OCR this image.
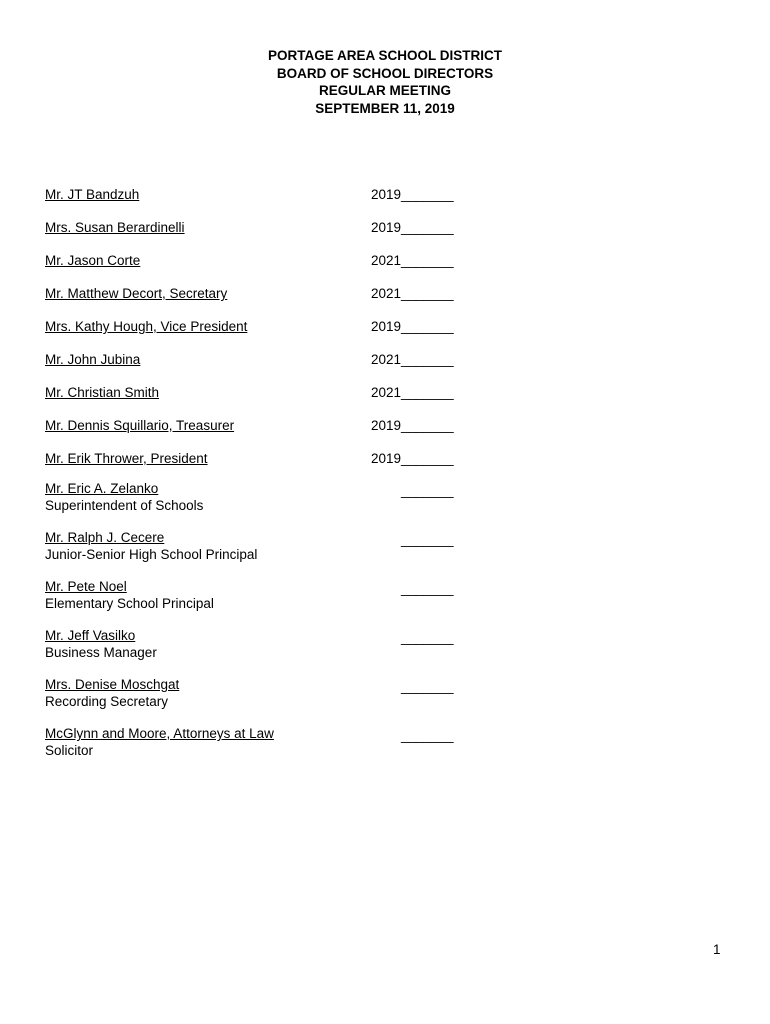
PORTAGE AREA SCHOOL DISTRICT
BOARD OF SCHOOL DIRECTORS
REGULAR MEETING
SEPTEMBER 11, 2019
Mr. JT Bandzuh	2019_______
Mrs. Susan Berardinelli	2019_______
Mr. Jason Corte	2021_______
Mr. Matthew Decort, Secretary	2021_______
Mrs. Kathy Hough, Vice President	2019_______
Mr. John Jubina	2021_______
Mr. Christian Smith	2021_______
Mr. Dennis Squillario, Treasurer	2019_______
Mr. Erik Thrower, President	2019_______
Mr. Eric A. Zelanko
Superintendent of Schools
_______
Mr. Ralph J. Cecere
Junior-Senior High School Principal
_______
Mr. Pete Noel
Elementary School Principal
_______
Mr. Jeff Vasilko
Business Manager
_______
Mrs. Denise Moschgat
Recording Secretary
_______
McGlynn and Moore, Attorneys at Law
Solicitor
_______
1
